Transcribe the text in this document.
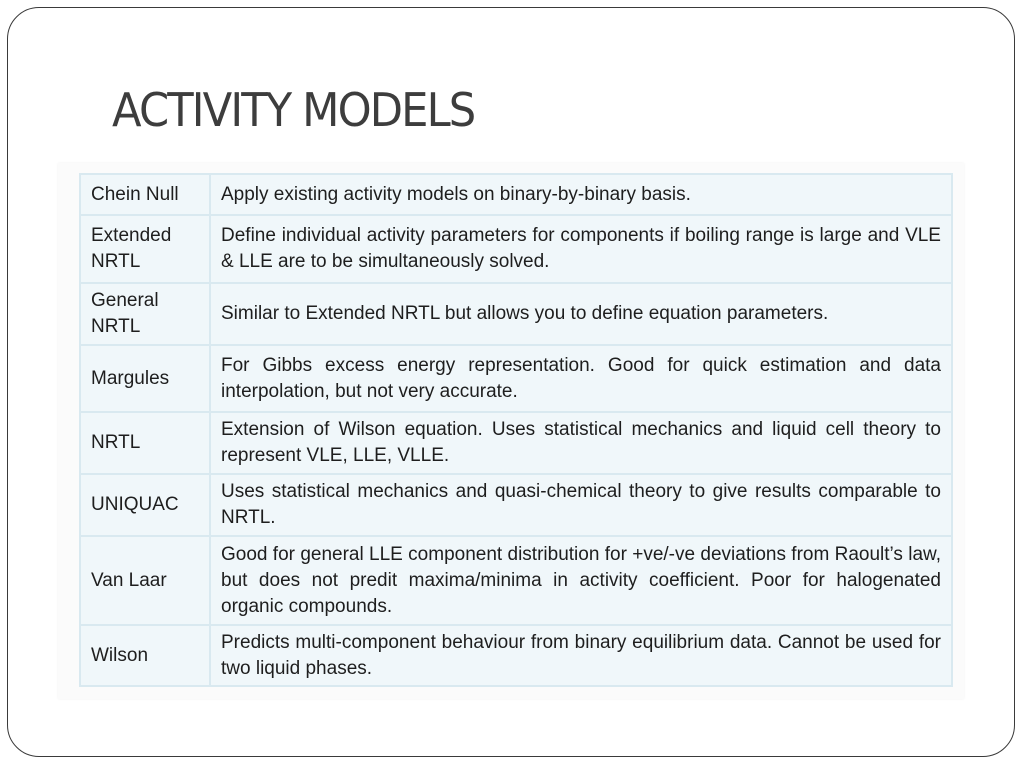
ACTIVITY MODELS
Chein Null	Apply existing activity models on binary-by-binary basis.
Extended NRTL	Define individual activity parameters for components if boiling range is large and VLE & LLE are to be simultaneously solved.
General NRTL	Similar to Extended NRTL but allows you to define equation parameters.
Margules	For Gibbs excess energy representation. Good for quick estimation and data interpolation, but not very accurate.
NRTL	Extension of Wilson equation. Uses statistical mechanics and liquid cell theory to represent VLE, LLE, VLLE.
UNIQUAC	Uses statistical mechanics and quasi-chemical theory to give results comparable to NRTL.
Van Laar	Good for general LLE component distribution for +ve/-ve deviations from Raoult’s law, but does not predit maxima/minima in activity coefficient. Poor for halogenated organic compounds.
Wilson	Predicts multi-component behaviour from binary equilibrium data. Cannot be used for two liquid phases.
